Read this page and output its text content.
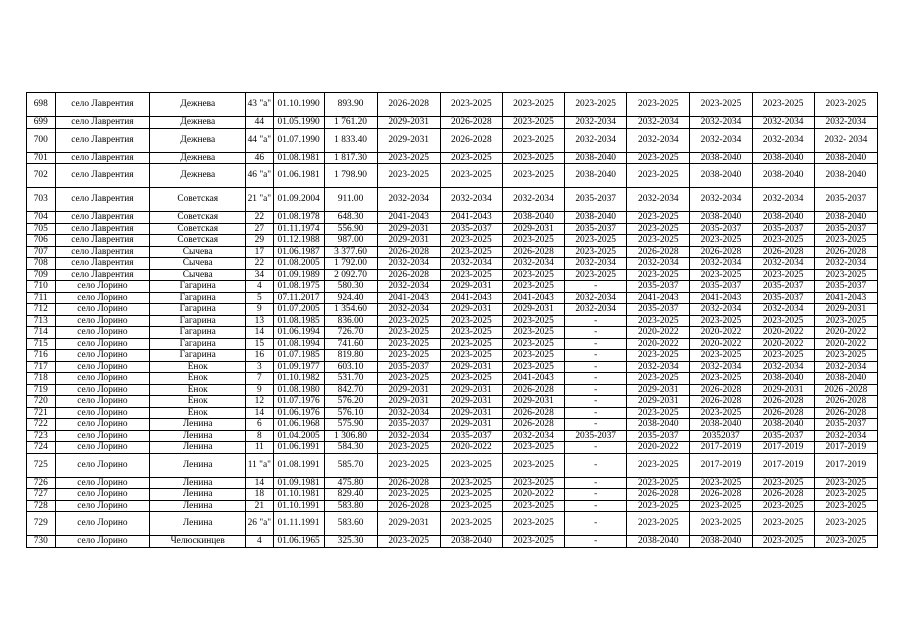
698	село Лаврентия	Дежнева	43 "а"	01.10.1990	893.90	2026-2028	2023-2025	2023-2025	2023-2025	2023-2025	2023-2025	2023-2025	2023-2025
699	село Лаврентия	Дежнева	44	01.05.1990	1 761.20	2029-2031	2026-2028	2023-2025	2032-2034	2032-2034	2032-2034	2032-2034	2032-2034
700	село Лаврентия	Дежнева	44 "а"	01.07.1990	1 833.40	2029-2031	2026-2028	2023-2025	2032-2034	2032-2034	2032-2034	2032-2034	2032- 2034
701	село Лаврентия	Дежнева	46	01.08.1981	1 817.30	2023-2025	2023-2025	2023-2025	2038-2040	2023-2025	2038-2040	2038-2040	2038-2040
702	село Лаврентия	Дежнева	46 "а"	01.06.1981	1 798.90	2023-2025	2023-2025	2023-2025	2038-2040	2023-2025	2038-2040	2038-2040	2038-2040
703	село Лаврентия	Советская	21 "а"	01.09.2004	911.00	2032-2034	2032-2034	2032-2034	2035-2037	2032-2034	2032-2034	2032-2034	2035-2037
704	село Лаврентия	Советская	22	01.08.1978	648.30	2041-2043	2041-2043	2038-2040	2038-2040	2023-2025	2038-2040	2038-2040	2038-2040
705	село Лаврентия	Советская	27	01.11.1974	556.90	2029-2031	2035-2037	2029-2031	2035-2037	2023-2025	2035-2037	2035-2037	2035-2037
706	село Лаврентия	Советская	29	01.12.1988	987.00	2029-2031	2023-2025	2023-2025	2023-2025	2023-2025	2023-2025	2023-2025	2023-2025
707	село Лаврентия	Сычева	17	01.06.1987	3 377.60	2026-2028	2023-2025	2026-2028	2023-2025	2026-2028	2026-2028	2026-2028	2026-2028
708	село Лаврентия	Сычева	22	01.08.2005	1 792.00	2032-2034	2032-2034	2032-2034	2032-2034	2032-2034	2032-2034	2032-2034	2032-2034
709	село Лаврентия	Сычева	34	01.09.1989	2 092.70	2026-2028	2023-2025	2023-2025	2023-2025	2023-2025	2023-2025	2023-2025	2023-2025
710	село Лорино	Гагарина	4	01.08.1975	580.30	2032-2034	2029-2031	2023-2025	-	2035-2037	2035-2037	2035-2037	2035-2037
711	село Лорино	Гагарина	5	07.11.2017	924.40	2041-2043	2041-2043	2041-2043	2032-2034	2041-2043	2041-2043	2035-2037	2041-2043
712	село Лорино	Гагарина	9	01.07.2005	1 354.60	2032-2034	2029-2031	2029-2031	2032-2034	2035-2037	2032-2034	2032-2034	2029-2031
713	село Лорино	Гагарина	13	01.08.1985	836.00	2023-2025	2023-2025	2023-2025	-	2023-2025	2023-2025	2023-2025	2023-2025
714	село Лорино	Гагарина	14	01.06.1994	726.70	2023-2025	2023-2025	2023-2025	-	2020-2022	2020-2022	2020-2022	2020-2022
715	село Лорино	Гагарина	15	01.08.1994	741.60	2023-2025	2023-2025	2023-2025	-	2020-2022	2020-2022	2020-2022	2020-2022
716	село Лорино	Гагарина	16	01.07.1985	819.80	2023-2025	2023-2025	2023-2025	-	2023-2025	2023-2025	2023-2025	2023-2025
717	село Лорино	Енок	3	01.09.1977	603.10	2035-2037	2029-2031	2023-2025	-	2032-2034	2032-2034	2032-2034	2032-2034
718	село Лорино	Енок	7	01.10.1982	531.70	2023-2025	2023-2025	2041-2043	-	2023-2025	2023-2025	2038-2040	2038-2040
719	село Лорино	Енок	9	01.08.1980	842.70	2029-2031	2029-2031	2026-2028	-	2029-2031	2026-2028	2029-2031	2026 -2028
720	село Лорино	Енок	12	01.07.1976	576.20	2029-2031	2029-2031	2029-2031	-	2029-2031	2026-2028	2026-2028	2026-2028
721	село Лорино	Енок	14	01.06.1976	576.10	2032-2034	2029-2031	2026-2028	-	2023-2025	2023-2025	2026-2028	2026-2028
722	село Лорино	Ленина	6	01.06.1968	575.90	2035-2037	2029-2031	2026-2028	-	2038-2040	2038-2040	2038-2040	2035-2037
723	село Лорино	Ленина	8	01.04.2005	1 306.80	2032-2034	2035-2037	2032-2034	2035-2037	2035-2037	20352037	2035-2037	2032-2034
724	село Лорино	Ленина	11	01.06.1991	584.30	2023-2025	2020-2022	2023-2025	-	2020-2022	2017-2019	2017-2019	2017-2019
725	село Лорино	Ленина	11 "а"	01.08.1991	585.70	2023-2025	2023-2025	2023-2025	-	2023-2025	2017-2019	2017-2019	2017-2019
726	село Лорино	Ленина	14	01.09.1981	475.80	2026-2028	2023-2025	2023-2025	-	2023-2025	2023-2025	2023-2025	2023-2025
727	село Лорино	Ленина	18	01.10.1981	829.40	2023-2025	2023-2025	2020-2022	-	2026-2028	2026-2028	2026-2028	2023-2025
728	село Лорино	Ленина	21	01.10.1991	583.80	2026-2028	2023-2025	2023-2025	-	2023-2025	2023-2025	2023-2025	2023-2025
729	село Лорино	Ленина	26 "а"	01.11.1991	583.60	2029-2031	2023-2025	2023-2025	-	2023-2025	2023-2025	2023-2025	2023-2025
730	село Лорино	Челюскинцев	4	01.06.1965	325.30	2023-2025	2038-2040	2023-2025	-	2038-2040	2038-2040	2023-2025	2023-2025
